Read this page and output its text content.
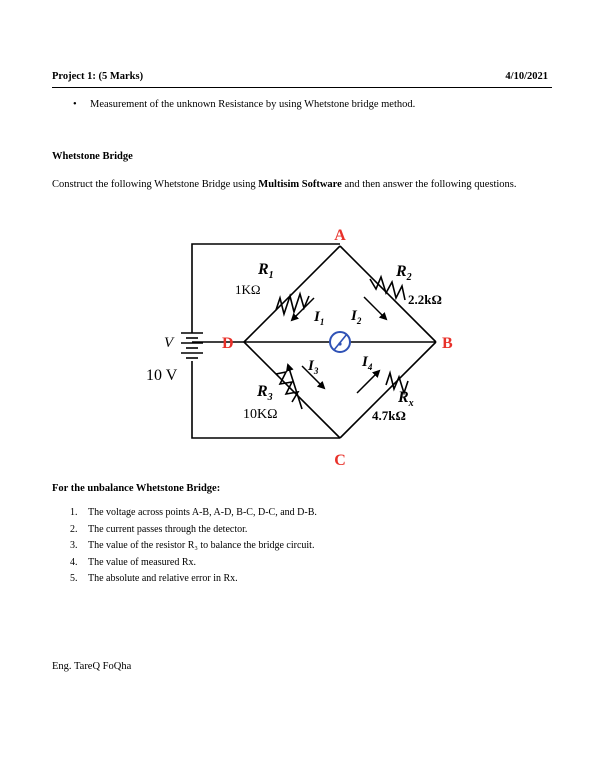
Project 1: (5 Marks)	4/10/2021
• Measurement of the unknown Resistance by using Whetstone bridge method.
Whetstone Bridge
Construct the following Whetstone Bridge using Multisim Software and then answer the following questions.
A
B
C
D
V
10 V
$R_1$
1KΩ
$R_2$
2.2kΩ
$R_3$
10KΩ
$R_x$
4.7kΩ
$I_1$ $I_2$
$I_3$
$I_4$
For the unbalance Whetstone Bridge:
1. The voltage across points A-B, A-D, B-C, D-C, and D-B.
2. The current passes through the detector.
3. The value of the resistor R₃ to balance the bridge circuit.
4. The value of measured Rx.
5. The absolute and relative error in Rx.
Eng. TareQ FoQha
